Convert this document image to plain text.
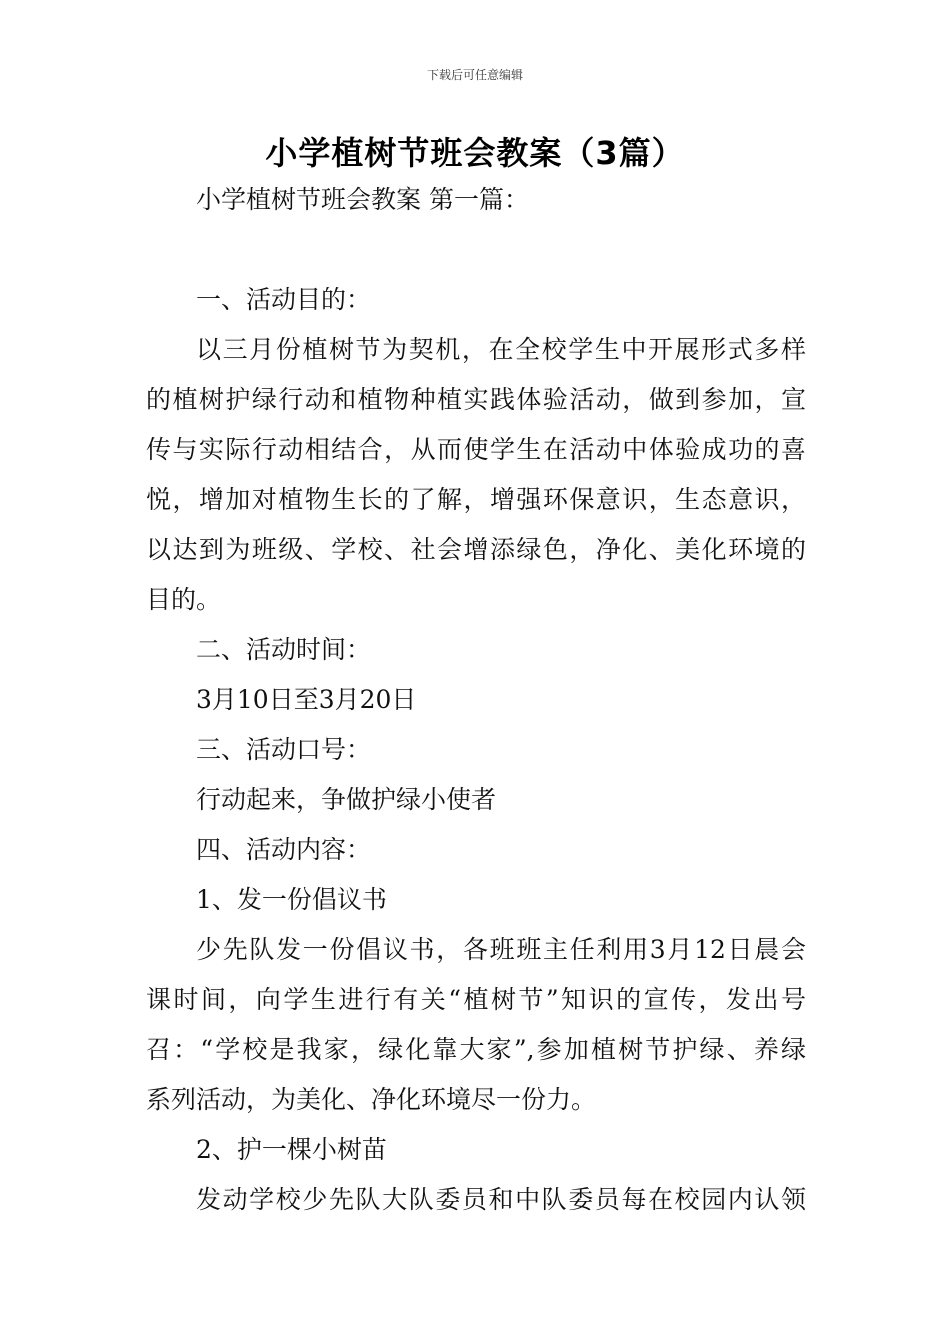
下载后可任意编辑
小学植树节班会教案（3篇）
小学植树节班会教案 第一篇：
一、活动目的：
以三月份植树节为契机，在全校学生中开展形式多样
的植树护绿行动和植物种植实践体验活动，做到参加，宣
传与实际行动相结合，从而使学生在活动中体验成功的喜
悦，增加对植物生长的了解，增强环保意识，生态意识，
以达到为班级、学校、社会增添绿色，净化、美化环境的
目的。
二、活动时间：
3月10日至3月20日
三、活动口号：
行动起来，争做护绿小使者
四、活动内容：
1、发一份倡议书
少先队发一份倡议书，各班班主任利用3月12日晨会
课时间，向学生进行有关“植树节”知识的宣传，发出号
召：“学校是我家，绿化靠大家”,参加植树节护绿、养绿
系列活动，为美化、净化环境尽一份力。
2、护一棵小树苗
发动学校少先队大队委员和中队委员每在校园内认领
